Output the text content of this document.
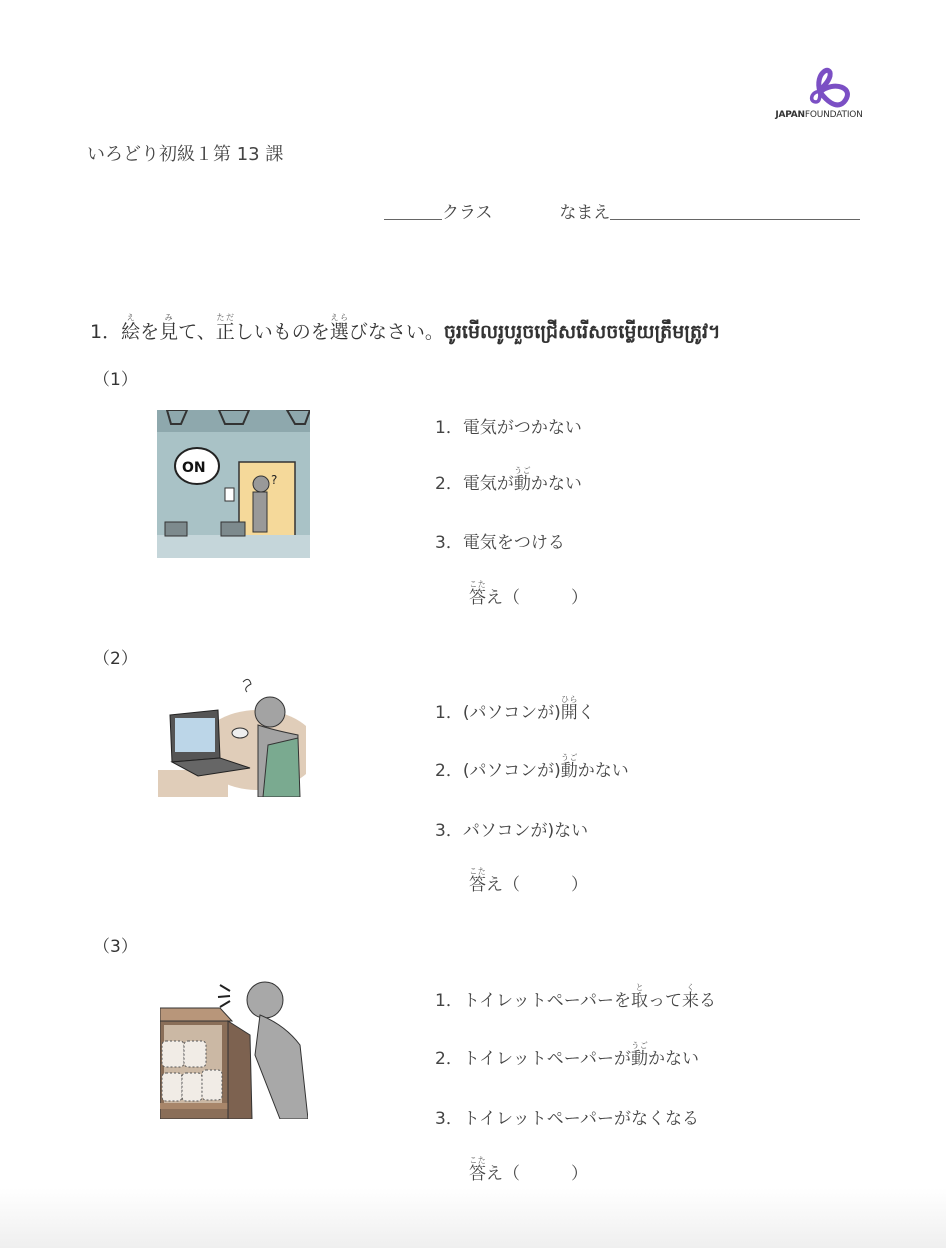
JAPANFOUNDATION
いろどり初級１第 13 課
クラス	なまえ
1．絵えを見みて、正ただしいものを選えらびなさい。ចូរមើលរូបរួចជ្រើសរើសចម្លើយត្រឹមត្រូវ។
（1）
ON
?
1．電気がつかない
2．電気が動うごかない
3．電気をつける
答こたえ（　　　）
（2）
1．(パソコンが)開ひらく
2．(パソコンが)動うごかない
3．パソコンが)ない
答こたえ（　　　）
（3）
1．トイレットペーパーを取とって来くる
2．トイレットペーパーが動うごかない
3．トイレットペーパーがなくなる
答こたえ（　　　）
